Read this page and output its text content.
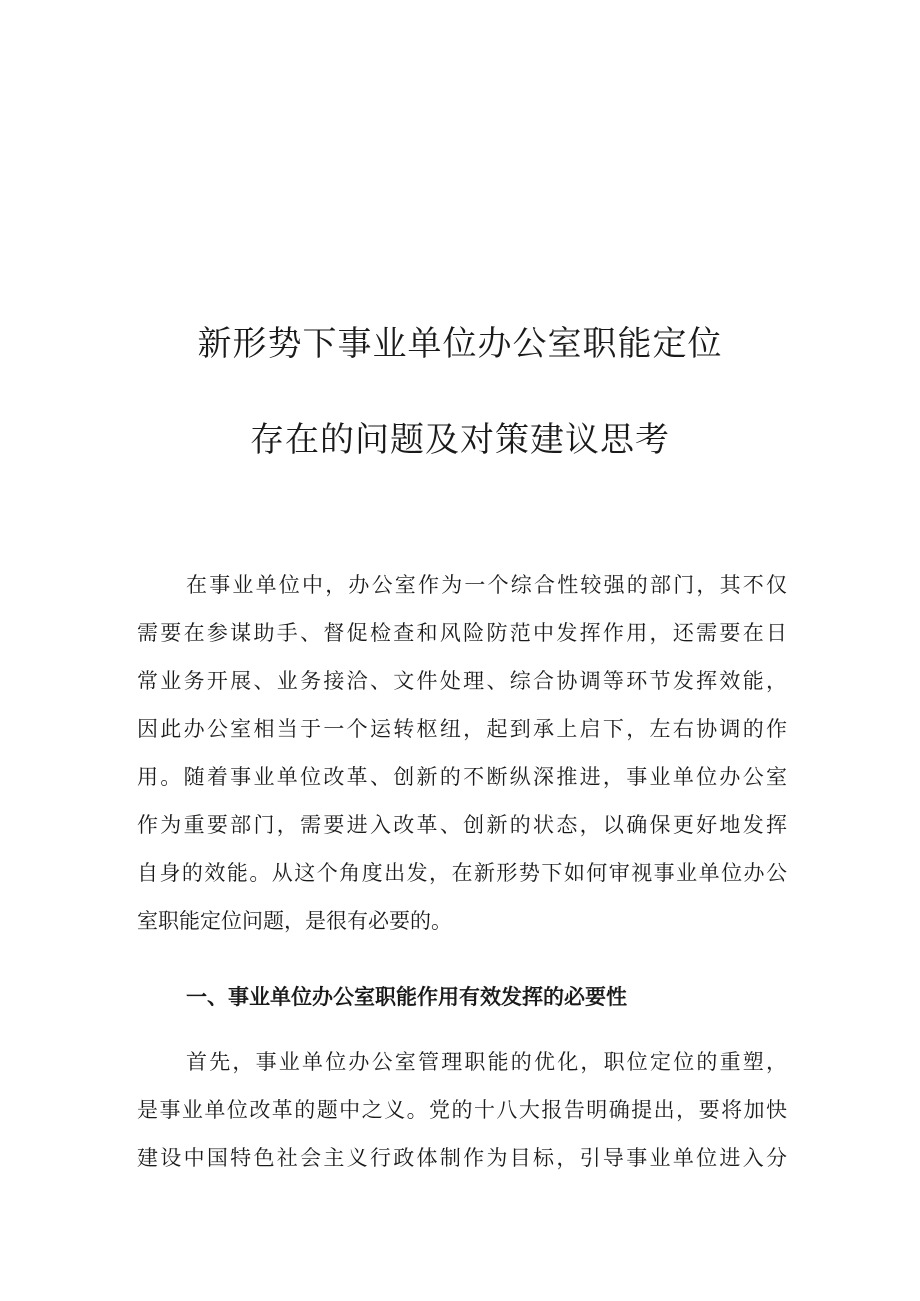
新形势下事业单位办公室职能定位
存在的问题及对策建议思考

在事业单位中，办公室作为一个综合性较强的部门，其不仅

需要在参谋助手、督促检查和风险防范中发挥作用，还需要在日

常业务开展、业务接洽、文件处理、综合协调等环节发挥效能，

因此办公室相当于一个运转枢纽，起到承上启下，左右协调的作

用。随着事业单位改革、创新的不断纵深推进，事业单位办公室

作为重要部门，需要进入改革、创新的状态，以确保更好地发挥

自身的效能。从这个角度出发，在新形势下如何审视事业单位办公

室职能定位问题，是很有必要的。

一、事业单位办公室职能作用有效发挥的必要性

首先，事业单位办公室管理职能的优化，职位定位的重塑，

是事业单位改革的题中之义。党的十八大报告明确提出，要将加快

建设中国特色社会主义行政体制作为目标，引导事业单位进入分
